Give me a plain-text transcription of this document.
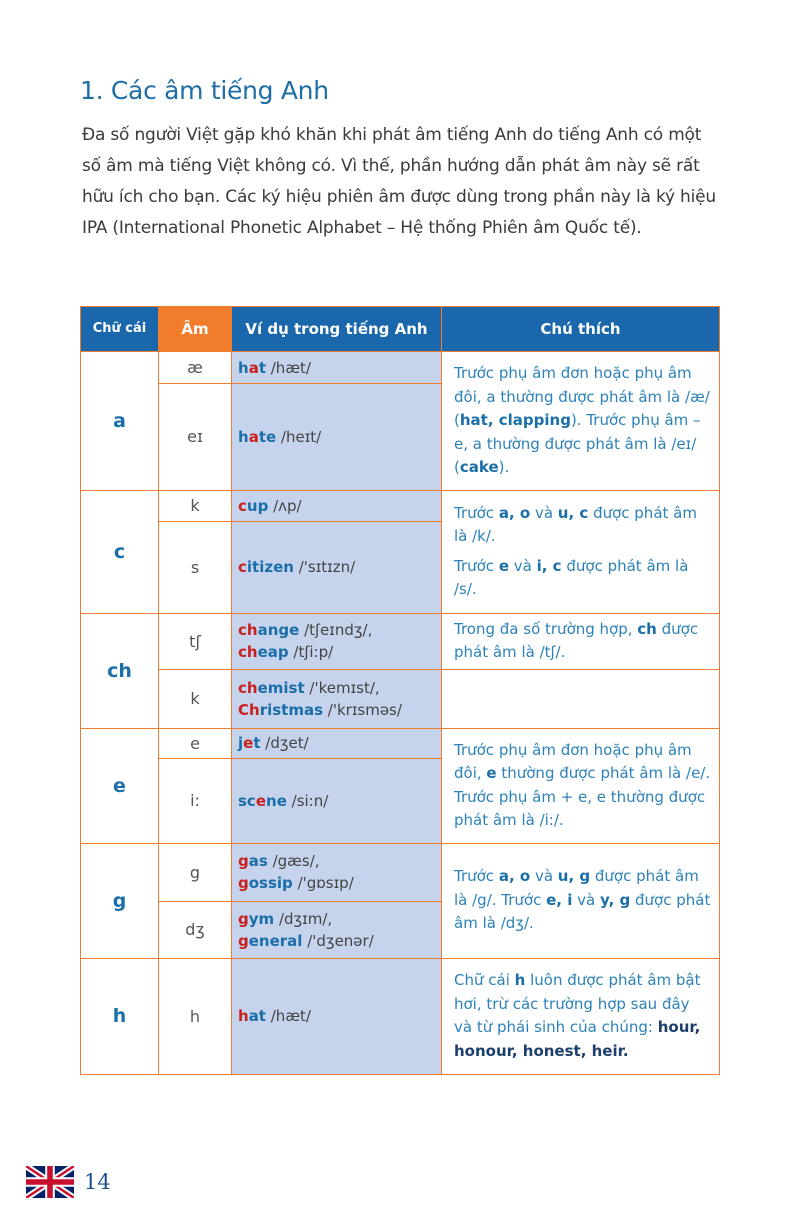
1. Các âm tiếng Anh
Đa số người Việt gặp khó khăn khi phát âm tiếng Anh do tiếng Anh có một số âm mà tiếng Việt không có. Vì thế, phần hướng dẫn phát âm này sẽ rất hữu ích cho bạn. Các ký hiệu phiên âm được dùng trong phần này là ký hiệu IPA (International Phonetic Alphabet – Hệ thống Phiên âm Quốc tế).
Chữ cái	Âm	Ví dụ trong tiếng Anh	Chú thích
a	æ	hat /hæt/	Trước phụ âm đơn hoặc phụ âm đôi, a thường được phát âm là /æ/ (hat, clapping). Trước phụ âm – e, a thường được phát âm là /eɪ/ (cake).
	eɪ	hate /heɪt/	
c	k	cup /ʌp/	Trước a, o và u, c được phát âm là /k/.
Trước e và i, c được phát âm là /s/.

	s	citizen /'sɪtɪzn/	
ch	tʃ	change /tʃeɪndʒ/,
cheap /tʃi:p/	Trong đa số trường hợp, ch được phát âm là /tʃ/.
	k	chemist /'kemɪst/,
Christmas /'krɪsməs/	

e	e	jet /dʒet/	Trước phụ âm đơn hoặc phụ âm đôi, e thường được phát âm là /e/. Trước phụ âm + e, e thường được phát âm là /i:/.
	i:	scene /si:n/	
g	g	gas /gæs/,
gossip /'gɒsɪp/	Trước a, o và u, g được phát âm là /g/. Trước e, i và y, g được phát âm là /dʒ/.
	dʒ	gym /dʒɪm/,
general /'dʒenər/	

h	h	hat /hæt/	Chữ cái h luôn được phát âm bật hơi, trừ các trường hợp sau đây và từ phái sinh của chúng: hour, honour, honest, heir.
14
